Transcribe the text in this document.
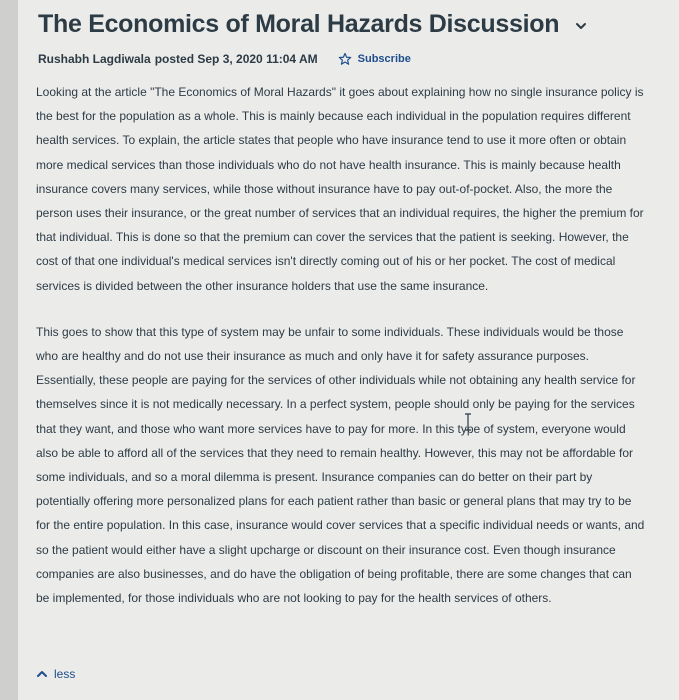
The Economics of Moral Hazards Discussion
Rushabh Lagdiwala posted Sep 3, 2020 11:04 AM	Subscribe

Looking at the article "The Economics of Moral Hazards" it goes about explaining how no single insurance policy is the best for the population as a whole. This is mainly because each individual in the population requires different health services. To explain, the article states that people who have insurance tend to use it more often or obtain more medical services than those individuals who do not have health insurance. This is mainly because health insurance covers many services, while those without insurance have to pay out-of-pocket. Also, the more the person uses their insurance, or the great number of services that an individual requires, the higher the premium for that individual. This is done so that the premium can cover the services that the patient is seeking. However, the cost of that one individual's medical services isn't directly coming out of his or her pocket. The cost of medical services is divided between the other insurance holders that use the same insurance.

This goes to show that this type of system may be unfair to some individuals. These individuals would be those who are healthy and do not use their insurance as much and only have it for safety assurance purposes. Essentially, these people are paying for the services of other individuals while not obtaining any health service for themselves since it is not medically necessary. In a perfect system, people should only be paying for the services that they want, and those who want more services have to pay for more. In this type of system, everyone would also be able to afford all of the services that they need to remain healthy. However, this may not be affordable for some individuals, and so a moral dilemma is present. Insurance companies can do better on their part by potentially offering more personalized plans for each patient rather than basic or general plans that may try to be for the entire population. In this case, insurance would cover services that a specific individual needs or wants, and so the patient would either have a slight upcharge or discount on their insurance cost. Even though insurance companies are also businesses, and do have the obligation of being profitable, there are some changes that can be implemented, for those individuals who are not looking to pay for the health services of others.

less
